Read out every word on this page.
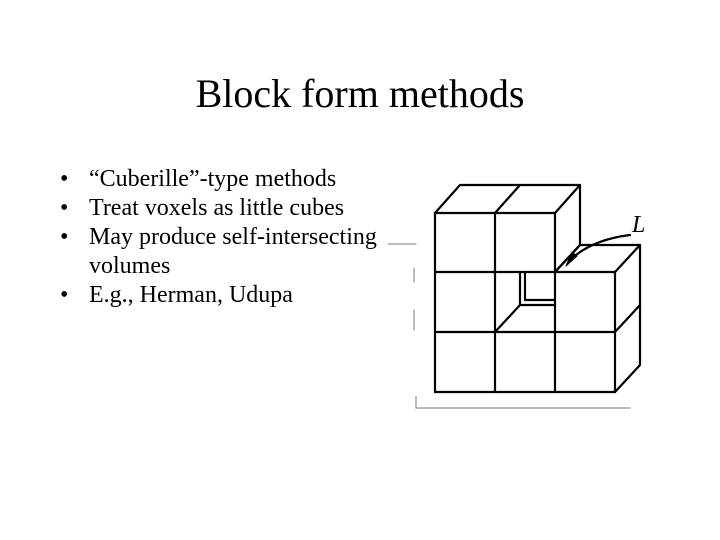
Block form methods
• “Cuberille”-type methods
• Treat voxels as little cubes
• May produce self-intersecting volumes
• E.g., Herman, Udupa
L
